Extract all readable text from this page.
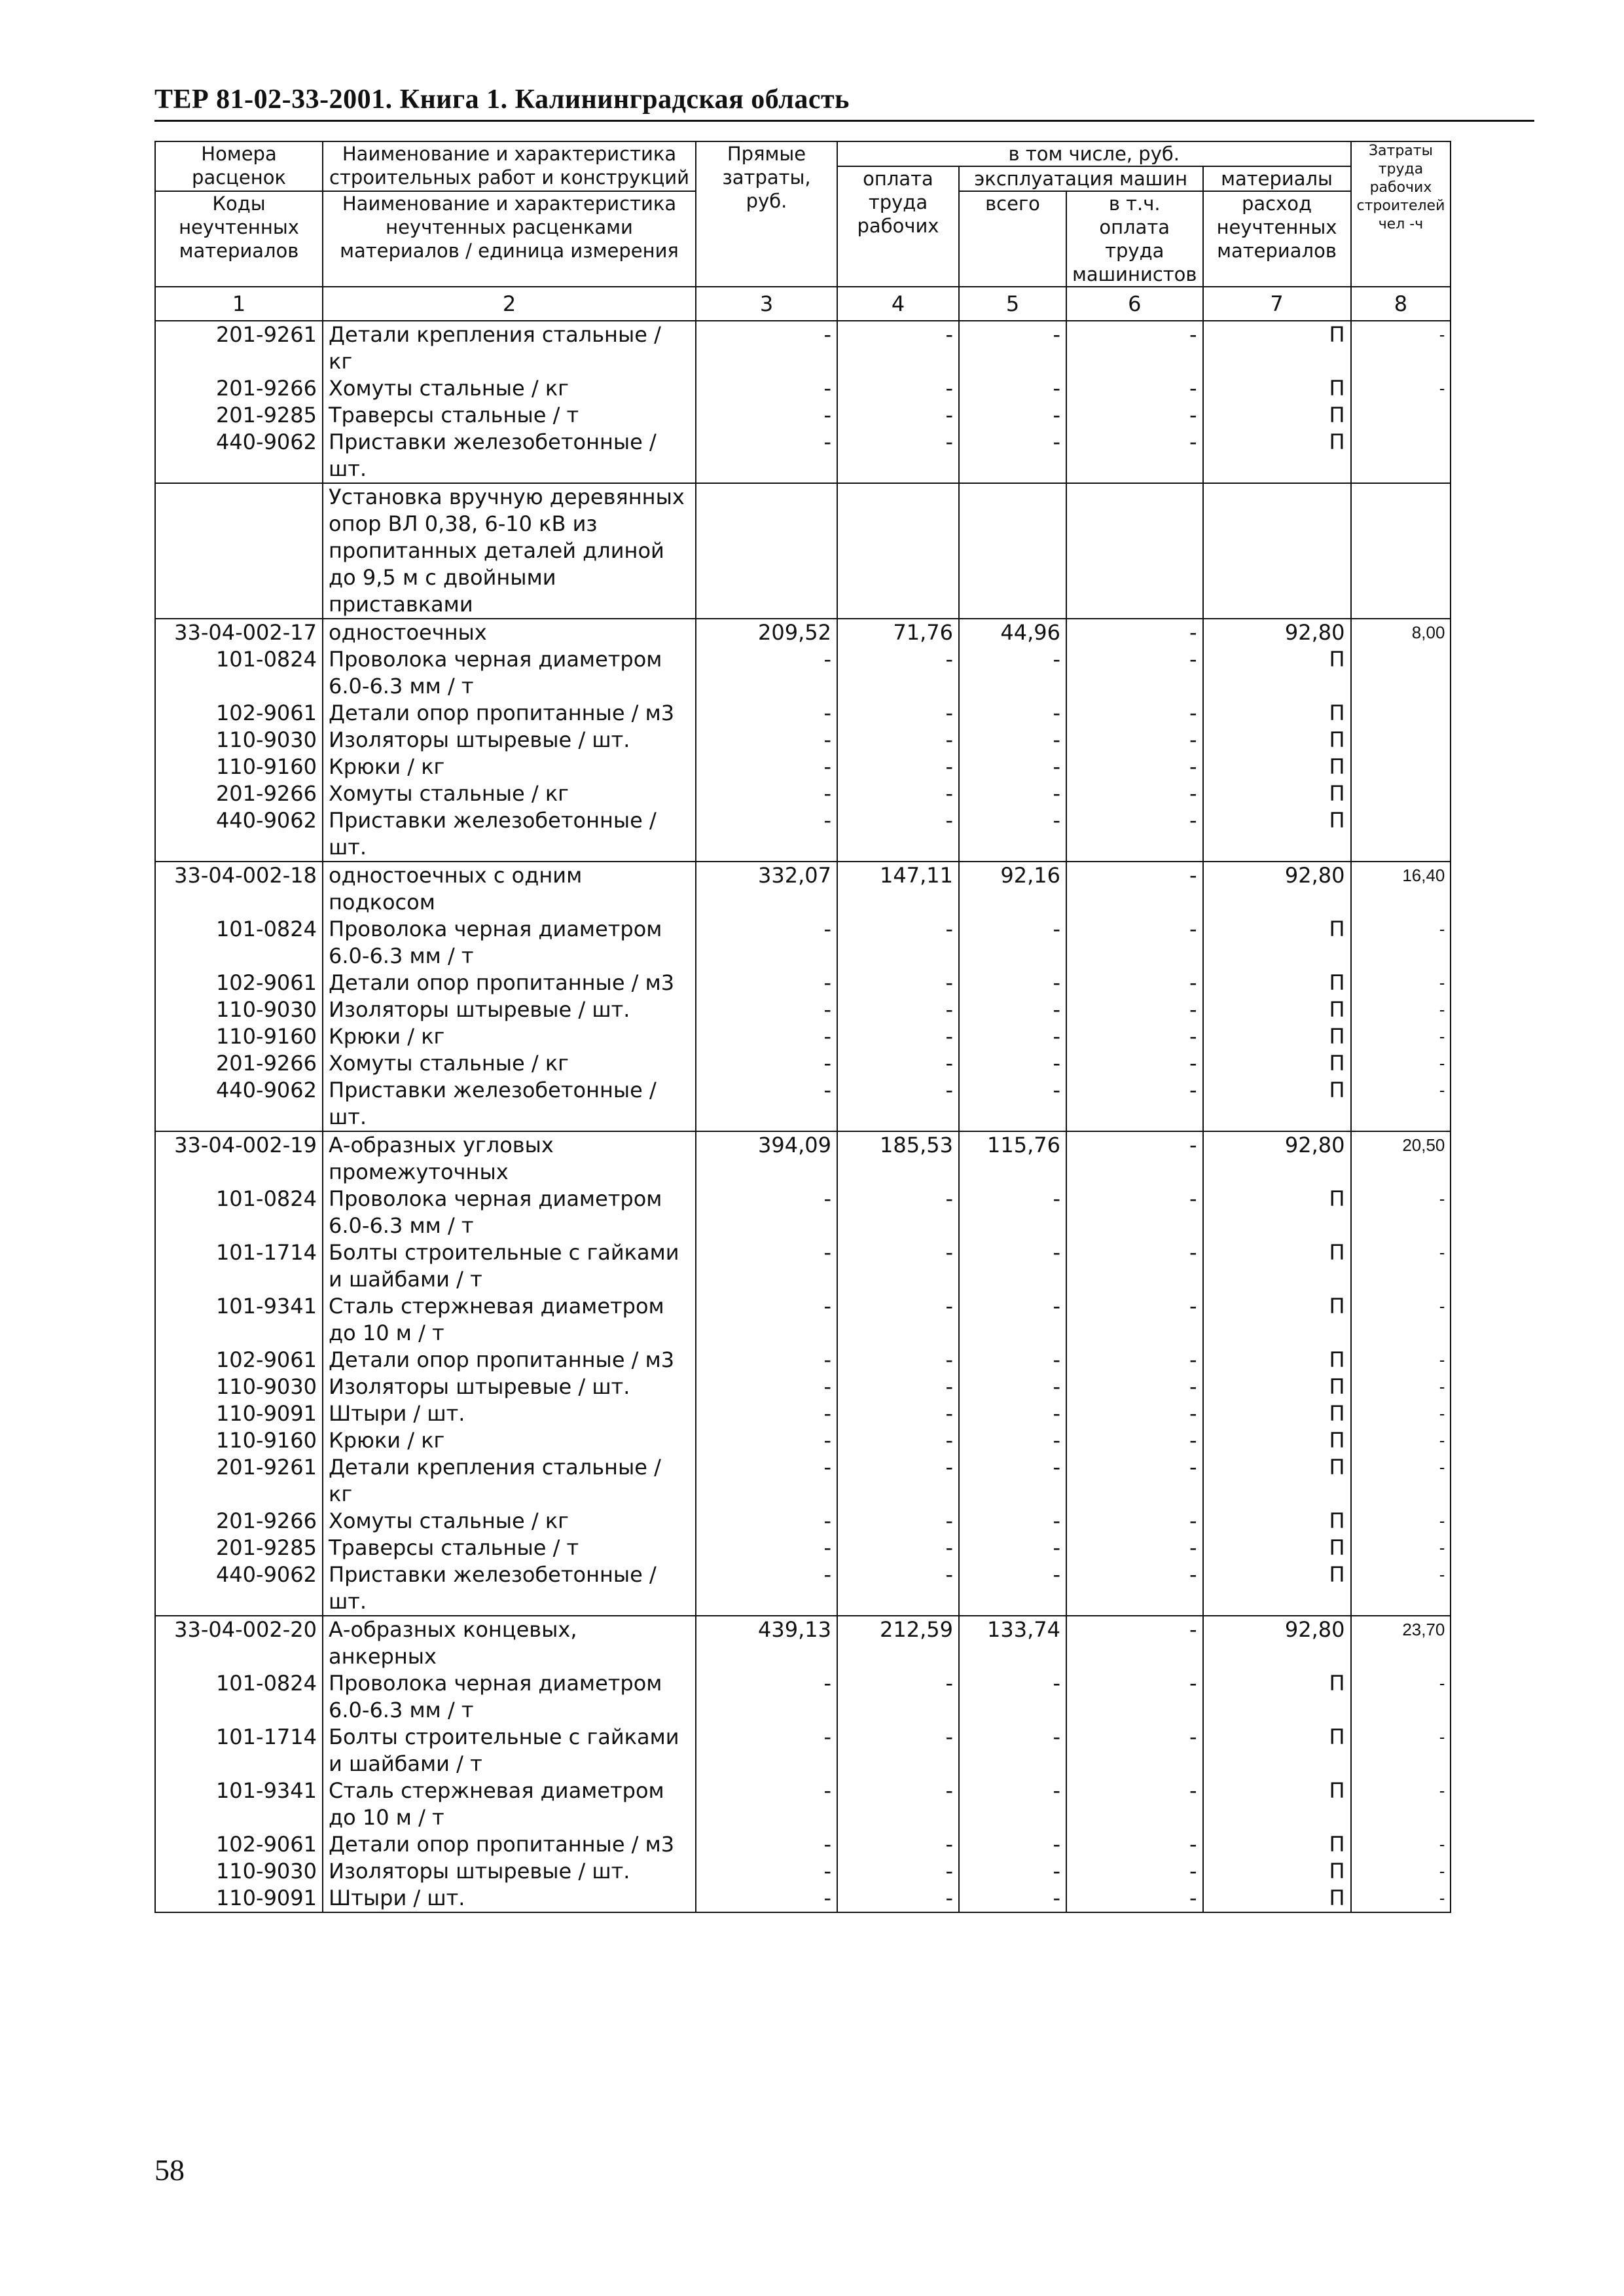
ТЕР 81-02-33-2001. Книга 1. Калининградская область
Номера расценок	Наименование и характеристика строительных работ и конструкций	Прямые затраты, руб.	в том числе, руб.				Затраты труда рабочих строителей чел -ч
			оплата труда рабочих	эксплуатация машин		материалы	
Коды неучтенных материалов	Наименование и характеристика неучтенных расценками материалов / единица измерения			всего	в т.ч. оплата труда машинистов	расход неучтенных материалов	

1	2	3	4	5	6	7	8
201-9261	Детали крепления стальные / кг	-	-	-	-	П	-
201-9266	Хомуты стальные / кг	-	-	-	-	П	-
201-9285	Траверсы стальные / т	-	-	-	-	П	
440-9062	Приставки железобетонные / шт.	-	-	-	-	П	
	Установка вручную деревянных опор ВЛ 0,38, 6-10 кВ из пропитанных деталей длиной до 9,5 м с двойными приставками						
33-04-002-17	одностоечных	209,52	71,76	44,96	-	92,80	8,00
101-0824	Проволока черная диаметром 6.0-6.3 мм / т	-	-	-	-	П	
102-9061	Детали опор пропитанные / м3	-	-	-	-	П	
110-9030	Изоляторы штыревые / шт.	-	-	-	-	П	
110-9160	Крюки / кг	-	-	-	-	П	
201-9266	Хомуты стальные / кг	-	-	-	-	П	
440-9062	Приставки железобетонные / шт.	-	-	-	-	П	
33-04-002-18	одностоечных с одним подкосом	332,07	147,11	92,16	-	92,80	16,40
101-0824	Проволока черная диаметром 6.0-6.3 мм / т	-	-	-	-	П	-
102-9061	Детали опор пропитанные / м3	-	-	-	-	П	-
110-9030	Изоляторы штыревые / шт.	-	-	-	-	П	-
110-9160	Крюки / кг	-	-	-	-	П	-
201-9266	Хомуты стальные / кг	-	-	-	-	П	-
440-9062	Приставки железобетонные / шт.	-	-	-	-	П	-
33-04-002-19	А-образных угловых промежуточных	394,09	185,53	115,76	-	92,80	20,50
101-0824	Проволока черная диаметром 6.0-6.3 мм / т	-	-	-	-	П	-
101-1714	Болты строительные с гайками и шайбами / т	-	-	-	-	П	-
101-9341	Сталь стержневая диаметром до 10 м / т	-	-	-	-	П	-
102-9061	Детали опор пропитанные / м3	-	-	-	-	П	-
110-9030	Изоляторы штыревые / шт.	-	-	-	-	П	-
110-9091	Штыри / шт.	-	-	-	-	П	-
110-9160	Крюки / кг	-	-	-	-	П	-
201-9261	Детали крепления стальные / кг	-	-	-	-	П	-
201-9266	Хомуты стальные / кг	-	-	-	-	П	-
201-9285	Траверсы стальные / т	-	-	-	-	П	-
440-9062	Приставки железобетонные / шт.	-	-	-	-	П	-
33-04-002-20	А-образных концевых, анкерных	439,13	212,59	133,74	-	92,80	23,70
101-0824	Проволока черная диаметром 6.0-6.3 мм / т	-	-	-	-	П	-
101-1714	Болты строительные с гайками и шайбами / т	-	-	-	-	П	-
101-9341	Сталь стержневая диаметром до 10 м / т	-	-	-	-	П	-
102-9061	Детали опор пропитанные / м3	-	-	-	-	П	-
110-9030	Изоляторы штыревые / шт.	-	-	-	-	П	-
110-9091	Штыри / шт.	-	-	-	-	П	-
58
